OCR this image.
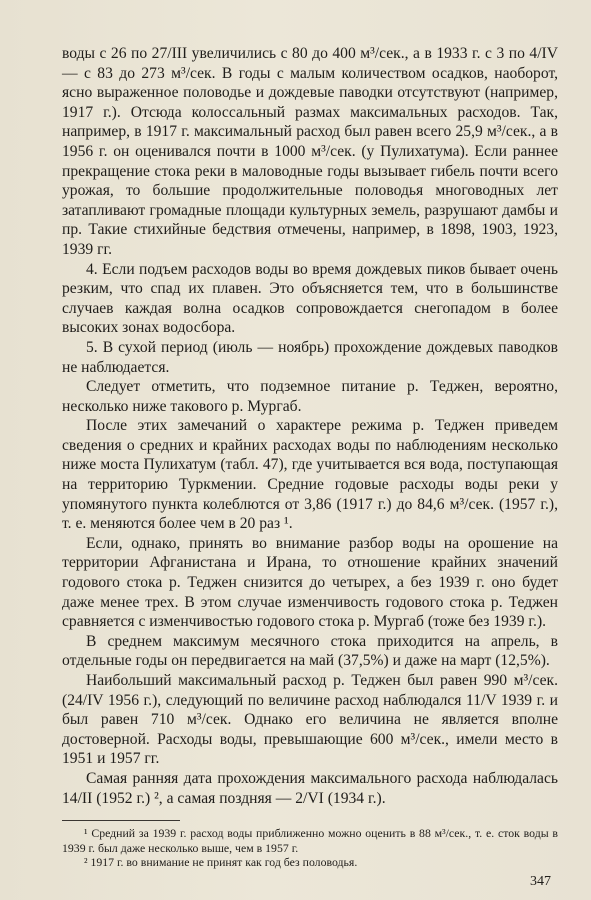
воды с 26 по 27/III увеличились с 80 до 400 м³/сек., а в 1933 г. с 3 по 4/IV — с 83 до 273 м³/сек. В годы с малым количеством осадков, наоборот, ясно выраженное половодье и дождевые паводки отсутствуют (например, 1917 г.). Отсюда колоссальный размах максимальных расходов. Так, например, в 1917 г. максимальный расход был равен всего 25,9 м³/сек., а в 1956 г. он оценивался почти в 1000 м³/сек. (у Пулихатума). Если раннее прекращение стока реки в маловодные годы вызывает гибель почти всего урожая, то большие продолжительные половодья многоводных лет затапливают громадные площади культурных земель, разрушают дамбы и пр. Такие стихийные бедствия отмечены, например, в 1898, 1903, 1923, 1939 гг.

4. Если подъем расходов воды во время дождевых пиков бывает очень резким, что спад их плавен. Это объясняется тем, что в большинстве случаев каждая волна осадков сопровождается снегопадом в более высоких зонах водосбора.

5. В сухой период (июль — ноябрь) прохождение дождевых паводков не наблюдается.

Следует отметить, что подземное питание р. Теджен, вероятно, несколько ниже такового р. Мургаб.

После этих замечаний о характере режима р. Теджен приведем сведения о средних и крайних расходах воды по наблюдениям несколько ниже моста Пулихатум (табл. 47), где учитывается вся вода, поступающая на территорию Туркмении. Средние годовые расходы воды реки у упомянутого пункта колеблются от 3,86 (1917 г.) до 84,6 м³/сек. (1957 г.), т. е. меняются более чем в 20 раз ¹.

Если, однако, принять во внимание разбор воды на орошение на территории Афганистана и Ирана, то отношение крайних значений годового стока р. Теджен снизится до четырех, а без 1939 г. оно будет даже менее трех. В этом случае изменчивость годового стока р. Теджен сравняется с изменчивостью годового стока р. Мургаб (тоже без 1939 г.).

В среднем максимум месячного стока приходится на апрель, в отдельные годы он передвигается на май (37,5%) и даже на март (12,5%).

Наибольший максимальный расход р. Теджен был равен 990 м³/сек. (24/IV 1956 г.), следующий по величине расход наблюдался 11/V 1939 г. и был равен 710 м³/сек. Однако его величина не является вполне достоверной. Расходы воды, превышающие 600 м³/сек., имели место в 1951 и 1957 гг.

Самая ранняя дата прохождения максимального расхода наблюдалась 14/II (1952 г.) ², а самая поздняя — 2/VI (1934 г.).

¹ Средний за 1939 г. расход воды приближенно можно оценить в 88 м³/сек., т. е. сток воды в 1939 г. был даже несколько выше, чем в 1957 г.

² 1917 г. во внимание не принят как год без половодья.

347
